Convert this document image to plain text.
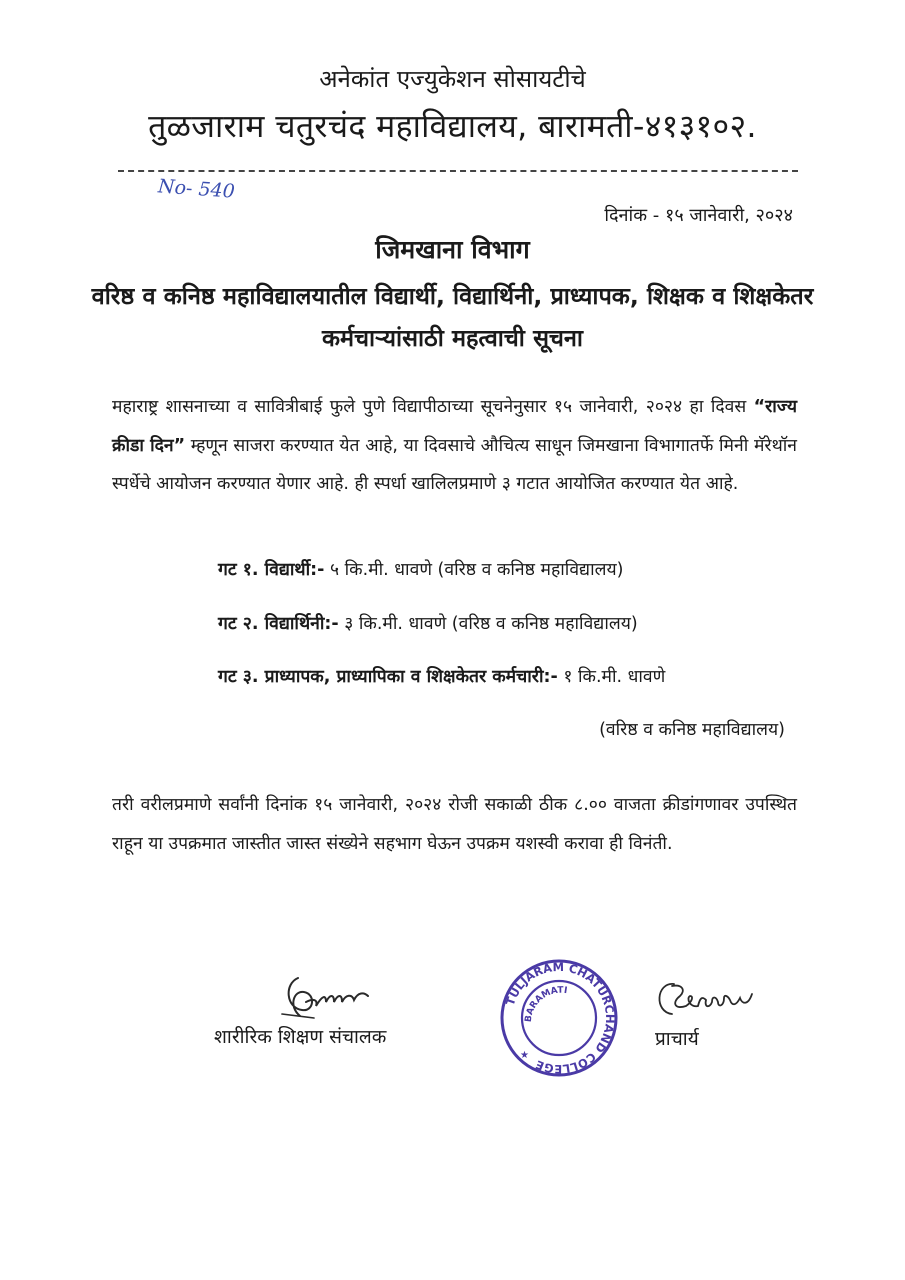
अनेकांत एज्युकेशन सोसायटीचे
तुळजाराम चतुरचंद महाविद्यालय, बारामती-४१३१०२.
No- 540
दिनांक - १५ जानेवारी, २०२४
जिमखाना विभाग
वरिष्ठ व कनिष्ठ महाविद्यालयातील विद्यार्थी, विद्यार्थिनी, प्राध्यापक, शिक्षक व शिक्षकेतर कर्मचाऱ्यांसाठी महत्वाची सूचना
महाराष्ट्र शासनाच्या व सावित्रीबाई फुले पुणे विद्यापीठाच्या सूचनेनुसार १५ जानेवारी, २०२४ हा दिवस “राज्य क्रीडा दिन” म्हणून साजरा करण्यात येत आहे, या दिवसाचे औचित्य साधून जिमखाना विभागातर्फे मिनी मॅरेथॉन स्पर्धेचे आयोजन करण्यात येणार आहे. ही स्पर्धा खालिलप्रमाणे ३ गटात आयोजित करण्यात येत आहे.
गट १. विद्यार्थी:- ५ कि.मी. धावणे (वरिष्ठ व कनिष्ठ महाविद्यालय)
गट २. विद्यार्थिनी:- ३ कि.मी. धावणे (वरिष्ठ व कनिष्ठ महाविद्यालय)
गट ३. प्राध्यापक, प्राध्यापिका व शिक्षकेतर कर्मचारी:- १ कि.मी. धावणे
(वरिष्ठ व कनिष्ठ महाविद्यालय)
तरी वरीलप्रमाणे सर्वांनी दिनांक १५ जानेवारी, २०२४ रोजी सकाळी ठीक ८.०० वाजता क्रीडांगणावर उपस्थित राहून या उपक्रमात जास्तीत जास्त संख्येने सहभाग घेऊन उपक्रम यशस्वी करावा ही विनंती.
शारीरिक शिक्षण संचालक
TULJARAM CHATURCHAND COLLEGE
BARAMATI
★
प्राचार्य
